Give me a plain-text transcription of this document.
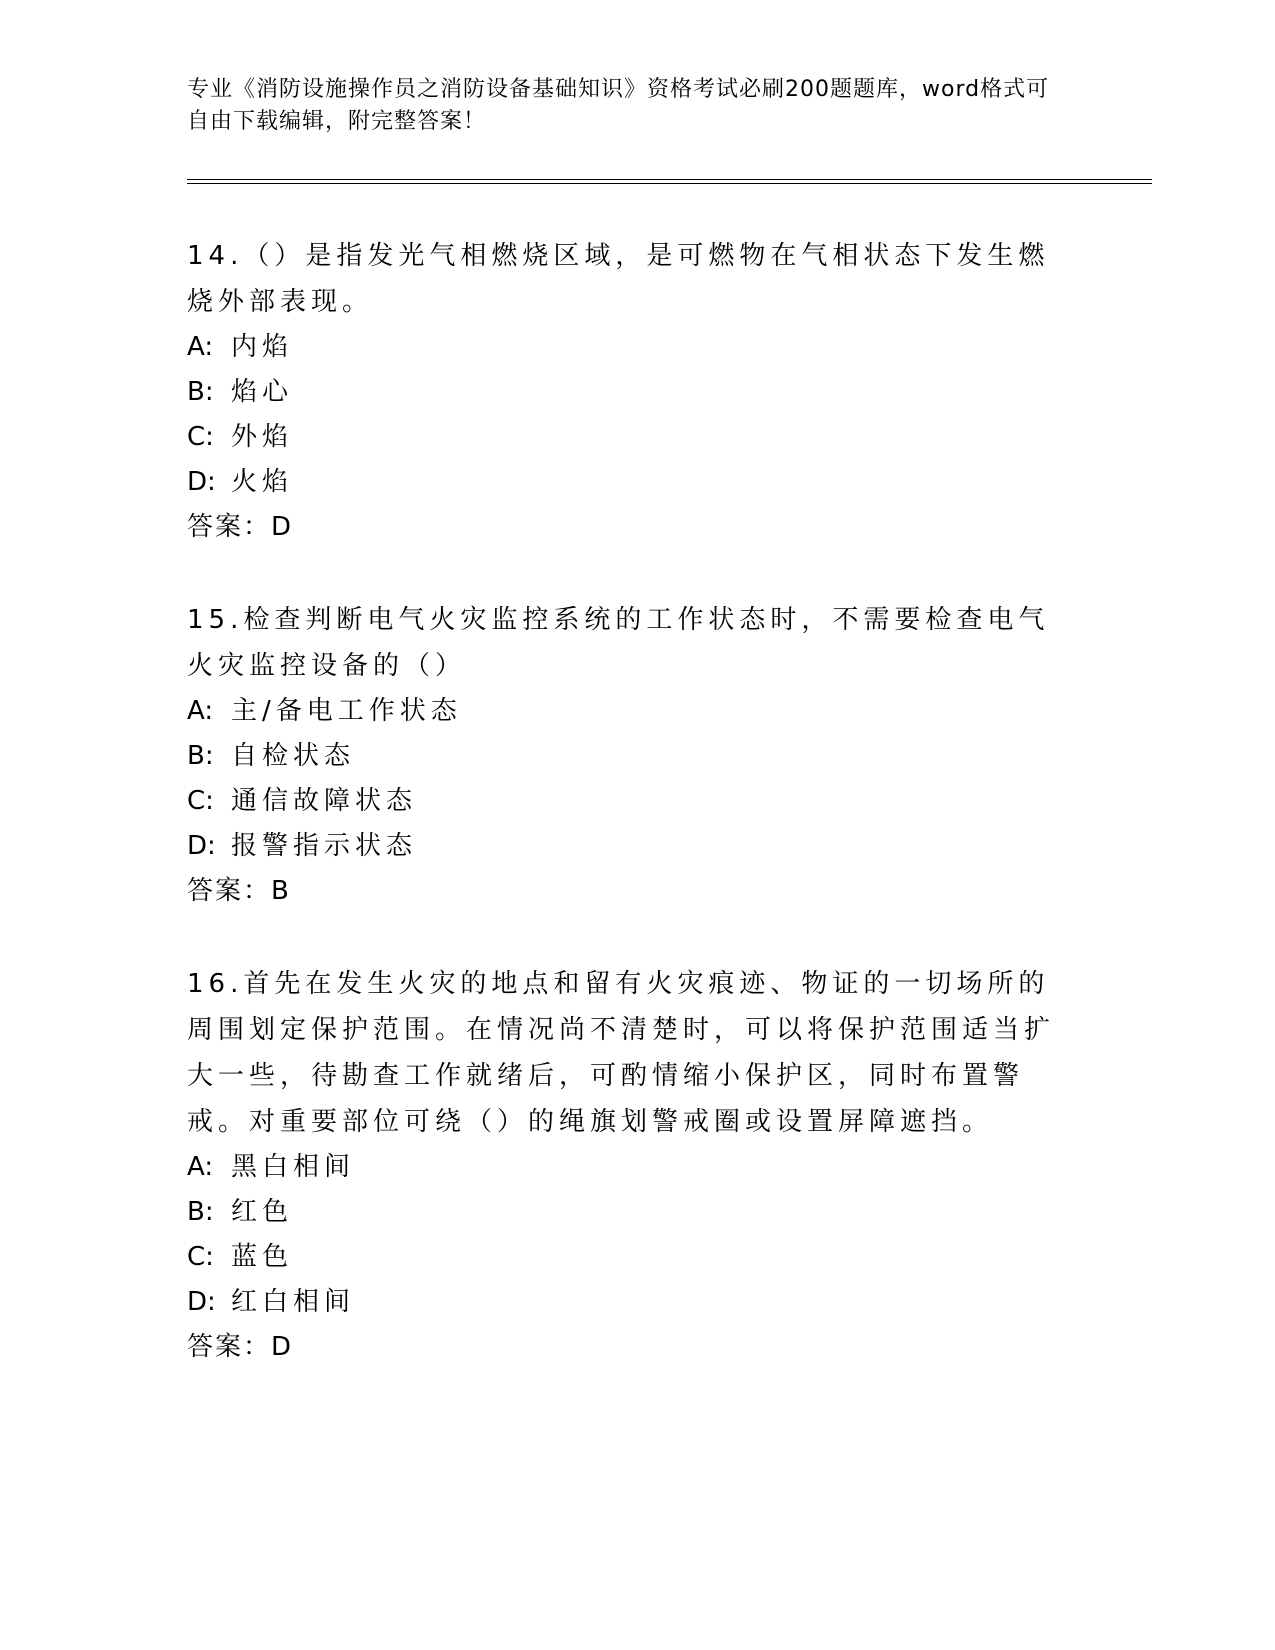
专业《消防设施操作员之消防设备基础知识》资格考试必刷200题题库，word格式可自由下载编辑，附完整答案！

14.（）是指发光气相燃烧区域，是可燃物在气相状态下发生燃烧外部表现。

A: 内焰

B: 焰心

C: 外焰

D: 火焰

答案：D

15.检查判断电气火灾监控系统的工作状态时，不需要检查电气火灾监控设备的（）

A: 主/备电工作状态

B: 自检状态

C: 通信故障状态

D: 报警指示状态

答案：B

16.首先在发生火灾的地点和留有火灾痕迹、物证的一切场所的周围划定保护范围。在情况尚不清楚时，可以将保护范围适当扩大一些，待勘查工作就绪后，可酌情缩小保护区，同时布置警戒。对重要部位可绕（）的绳旗划警戒圈或设置屏障遮挡。

A: 黑白相间

B: 红色

C: 蓝色

D: 红白相间

答案：D
